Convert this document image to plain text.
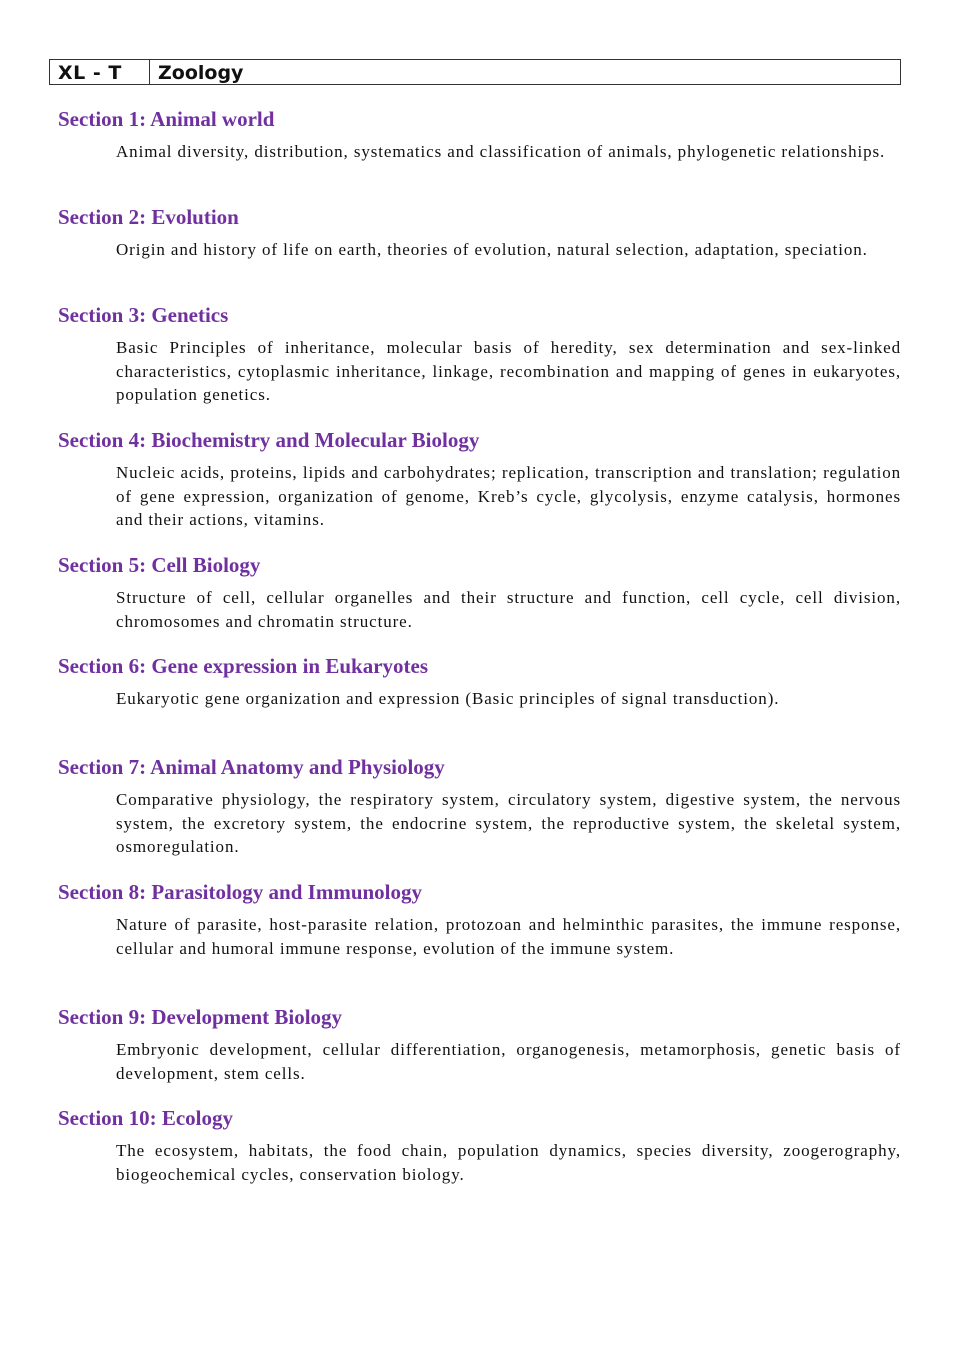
XL - T	Zoology
Section 1: Animal world

Animal diversity, distribution, systematics and classification of animals, phylogenetic relationships.

Section 2: Evolution

Origin and history of life on earth, theories of evolution, natural selection, adaptation, speciation.

Section 3: Genetics

Basic Principles of inheritance, molecular basis of heredity, sex determination and sex-linked characteristics, cytoplasmic inheritance, linkage, recombination and mapping of genes in eukaryotes, population genetics.

Section 4: Biochemistry and Molecular Biology

Nucleic acids, proteins, lipids and carbohydrates; replication, transcription and translation; regulation of gene expression, organization of genome, Kreb’s cycle, glycolysis, enzyme catalysis, hormones and their actions, vitamins.

Section 5: Cell Biology

Structure of cell, cellular organelles and their structure and function, cell cycle, cell division, chromosomes and chromatin structure.

Section 6: Gene expression in Eukaryotes

Eukaryotic gene organization and expression (Basic principles of signal transduction).

Section 7: Animal Anatomy and Physiology

Comparative physiology, the respiratory system, circulatory system, digestive system, the nervous system, the excretory system, the endocrine system, the reproductive system, the skeletal system, osmoregulation.

Section 8: Parasitology and Immunology

Nature of parasite, host-parasite relation, protozoan and helminthic parasites, the immune response, cellular and humoral immune response, evolution of the immune system.

Section 9: Development Biology

Embryonic development, cellular differentiation, organogenesis, metamorphosis, genetic basis of development, stem cells.

Section 10: Ecology

The ecosystem, habitats, the food chain, population dynamics, species diversity, zoogerography, biogeochemical cycles, conservation biology.
